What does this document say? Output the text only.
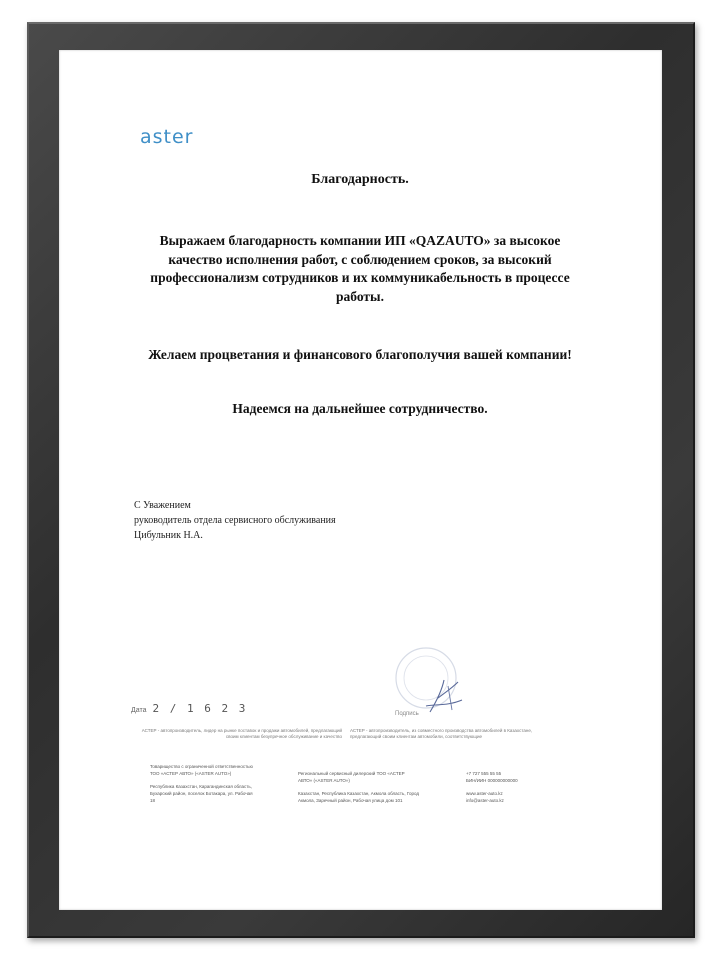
aster
Благодарность.
Выражаем благодарность компании ИП «QAZAUTO» за высокое качество исполнения работ, с соблюдением сроков, за высокий профессионализм сотрудников и их коммуникабельность в процессе работы.
Желаем процветания и финансового благополучия вашей компании!
Надеемся на дальнейшее сотрудничество.
С Уважением
руководитель отдела сервисного обслуживания
Цибульник Н.А.
Дата 2 / 1 6 2 3	Подпись
АСТЕР - автопроизводитель, лидер на рынке поставок и продажи автомобилей, предлагающий своим клиентам безупречное обслуживание и качество
АСТЕР - автопроизводитель, из совместного производства автомобилей в Казахстане, предлагающий своим клиентам автомобили, соответствующие
Товарищество с ограниченной ответственностью
ТОО «АСТЕР АВТО» («ASTER AUTO»)
Республика Казахстан, Карагандинская область,
Бухарский район, поселок Ботакара, ул. Рабочая
18
Региональный сервисный дилерский ТОО «АСТЕР
АВТО» («ASTER AUTO»)
Казахстан, Республика Казахстан, Акмола область, Город
Акмола, Заречный район, Рабочая улица дом 101
+7 727 555 55 55
БИН/ИИН 000000000000
www.aster-auto.kz
info@aster-auto.kz
